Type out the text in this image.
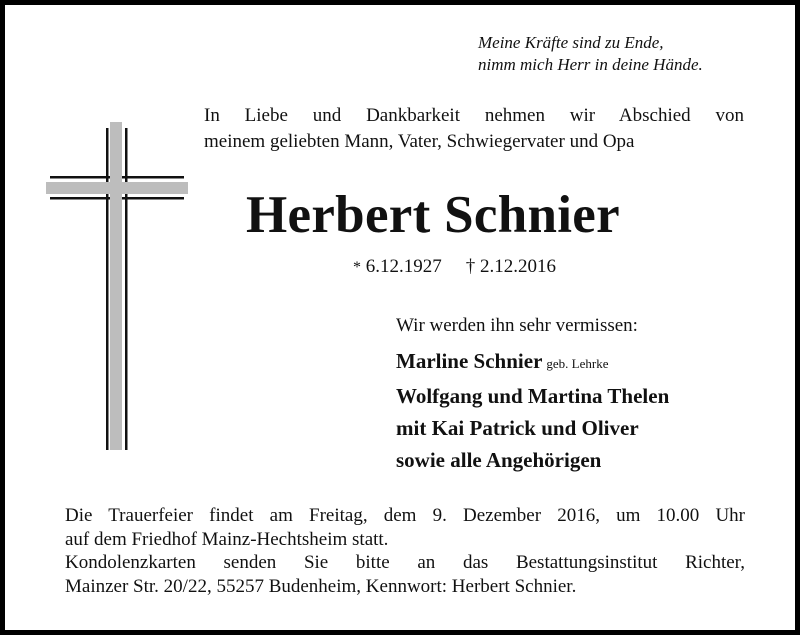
Meine Kräfte sind zu Ende,
nimm mich Herr in deine Hände.
In Liebe und Dankbarkeit nehmen wir Abschied von
meinem geliebten Mann, Vater, Schwiegervater und Opa
Herbert Schnier
* 6.12.1927 † 2.12.2016
Wir werden ihn sehr vermissen:
Marline Schnier geb. Lehrke
Wolfgang und Martina Thelen
mit Kai Patrick und Oliver
sowie alle Angehörigen
Die Trauerfeier findet am Freitag, dem 9. Dezember 2016, um 10.00 Uhr
auf dem Friedhof Mainz-Hechtsheim statt.
Kondolenzkarten senden Sie bitte an das Bestattungsinstitut Richter,
Mainzer Str. 20/22, 55257 Budenheim, Kennwort: Herbert Schnier.
